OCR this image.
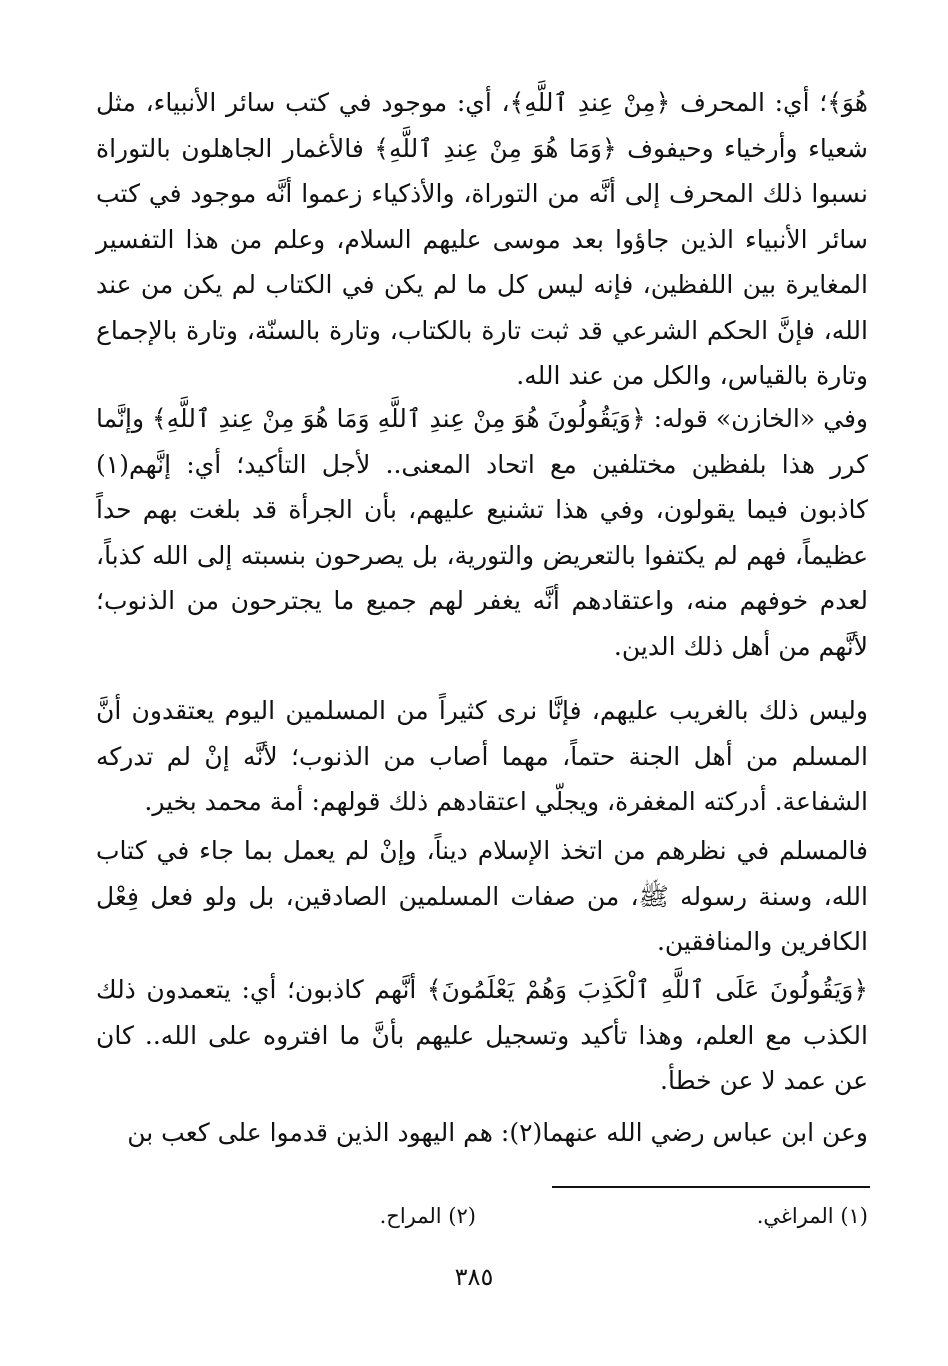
هُوَ﴾؛ أي: المحرف ﴿مِنْ عِندِ ٱللَّهِ﴾، أي: موجود في كتب سائر الأنبياء، مثل شعياء وأرخياء وحيفوف ﴿وَمَا هُوَ مِنْ عِندِ ٱللَّهِ﴾ فالأغمار الجاهلون بالتوراة نسبوا ذلك المحرف إلى أنَّه من التوراة، والأذكياء زعموا أنَّه موجود في كتب سائر الأنبياء الذين جاؤوا بعد موسى عليهم السلام، وعلم من هذا التفسير المغايرة بين اللفظين، فإنه ليس كل ما لم يكن في الكتاب لم يكن من عند الله، فإنَّ الحكم الشرعي قد ثبت تارة بالكتاب، وتارة بالسنّة، وتارة بالإجماع وتارة بالقياس، والكل من عند الله.

وفي «الخازن» قوله: ﴿وَيَقُولُونَ هُوَ مِنْ عِندِ ٱللَّهِ وَمَا هُوَ مِنْ عِندِ ٱللَّهِ﴾ وإنَّما كرر هذا بلفظين مختلفين مع اتحاد المعنى.. لأجل التأكيد؛ أي: إنَّهم(١) كاذبون فيما يقولون، وفي هذا تشنيع عليهم، بأن الجرأة قد بلغت بهم حداً عظيماً، فهم لم يكتفوا بالتعريض والتورية، بل يصرحون بنسبته إلى الله كذباً، لعدم خوفهم منه، واعتقادهم أنَّه يغفر لهم جميع ما يجترحون من الذنوب؛ لأنَّهم من أهل ذلك الدين.

وليس ذلك بالغريب عليهم، فإنَّا نرى كثيراً من المسلمين اليوم يعتقدون أنَّ المسلم من أهل الجنة حتماً، مهما أصاب من الذنوب؛ لأنَّه إنْ لم تدركه الشفاعة. أدركته المغفرة، ويجلّي اعتقادهم ذلك قولهم: أمة محمد بخير.

فالمسلم في نظرهم من اتخذ الإسلام ديناً، وإنْ لم يعمل بما جاء في كتاب الله، وسنة رسوله ﷺ، من صفات المسلمين الصادقين، بل ولو فعل فِعْل الكافرين والمنافقين.

﴿وَيَقُولُونَ عَلَى ٱللَّهِ ٱلْكَذِبَ وَهُمْ يَعْلَمُونَ﴾ أنَّهم كاذبون؛ أي: يتعمدون ذلك الكذب مع العلم، وهذا تأكيد وتسجيل عليهم بأنَّ ما افتروه على الله.. كان عن عمد لا عن خطأ.

وعن ابن عباس رضي الله عنهما(٢): هم اليهود الذين قدموا على كعب بن

(١) المراغي.
(٢) المراح.
٣٨٥
